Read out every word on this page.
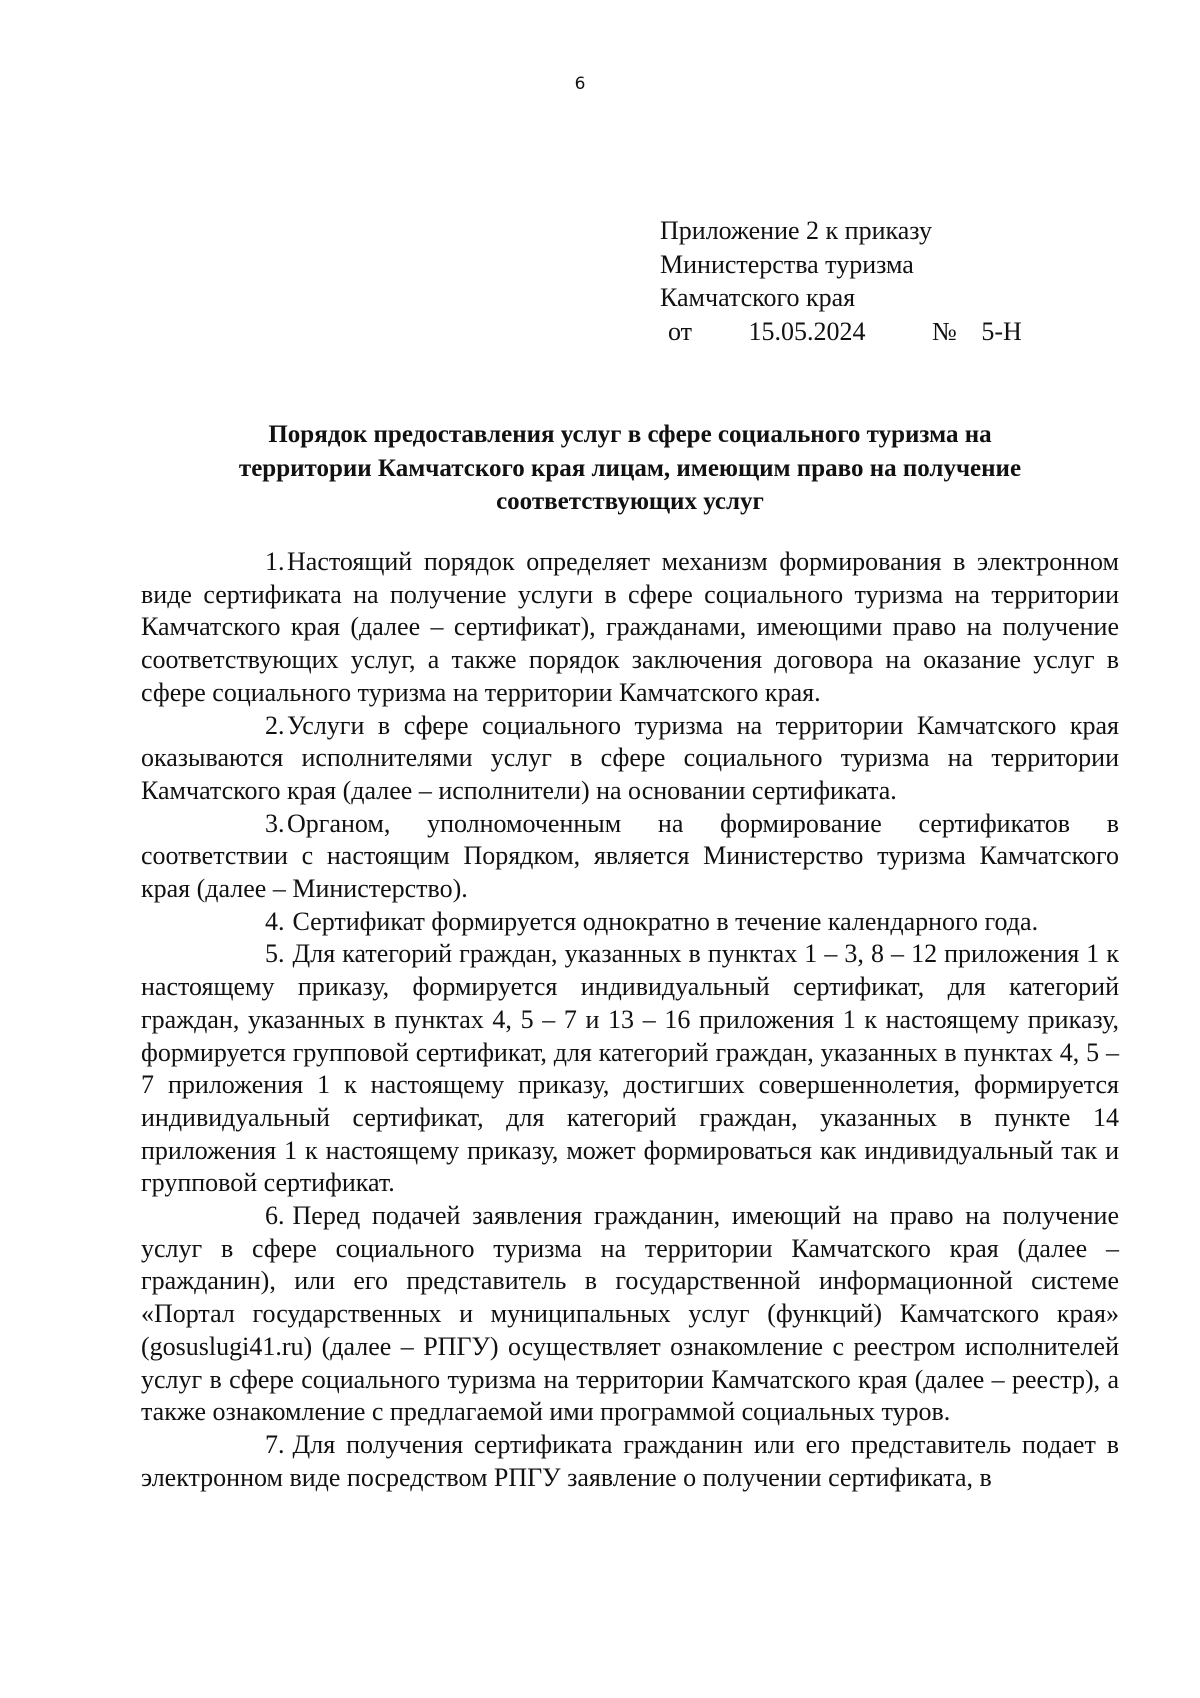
6
Приложение 2 к приказу
Министерства туризма
Камчатского края
от 15.05.2024	№ 5-Н
Порядок предоставления услуг в сфере социального туризма на
территории Камчатского края лицам, имеющим право на получение
соответствующих услуг

1.Настоящий порядок определяет механизм формирования в электронном виде сертификата на получение услуги в сфере социального туризма на территории Камчатского края (далее – сертификат), гражданами, имеющими право на получение соответствующих услуг, а также порядок заключения договора на оказание услуг в сфере социального туризма на территории Камчатского края.

2.Услуги в сфере социального туризма на территории Камчатского края оказываются исполнителями услуг в сфере социального туризма на территории Камчатского края (далее – исполнители) на основании сертификата.

3.Органом, уполномоченным на формирование сертификатов в соответствии с настоящим Порядком, является Министерство туризма Камчатского края (далее – Министерство).

4. Сертификат формируется однократно в течение календарного года.

5. Для категорий граждан, указанных в пунктах 1 – 3, 8 – 12 приложения 1 к настоящему приказу, формируется индивидуальный сертификат, для категорий граждан, указанных в пунктах 4, 5 – 7 и 13 – 16 приложения 1 к настоящему приказу, формируется групповой сертификат, для категорий граждан, указанных в пунктах 4, 5 – 7 приложения 1 к настоящему приказу, достигших совершеннолетия, формируется индивидуальный сертификат, для категорий граждан, указанных в пункте 14 приложения 1 к настоящему приказу, может формироваться как индивидуальный так и групповой сертификат.

6. Перед подачей заявления гражданин, имеющий на право на получение услуг в сфере социального туризма на территории Камчатского края (далее – гражданин), или его представитель в государственной информационной системе «Портал государственных и муниципальных услуг (функций) Камчатского края» (gosuslugi41.ru) (далее – РПГУ) осуществляет ознакомление с реестром исполнителей услуг в сфере социального туризма на территории Камчатского края (далее – реестр), а также ознакомление с предлагаемой ими программой социальных туров.

7. Для получения сертификата гражданин или его представитель подает в электронном виде посредством РПГУ заявление о получении сертификата, в
